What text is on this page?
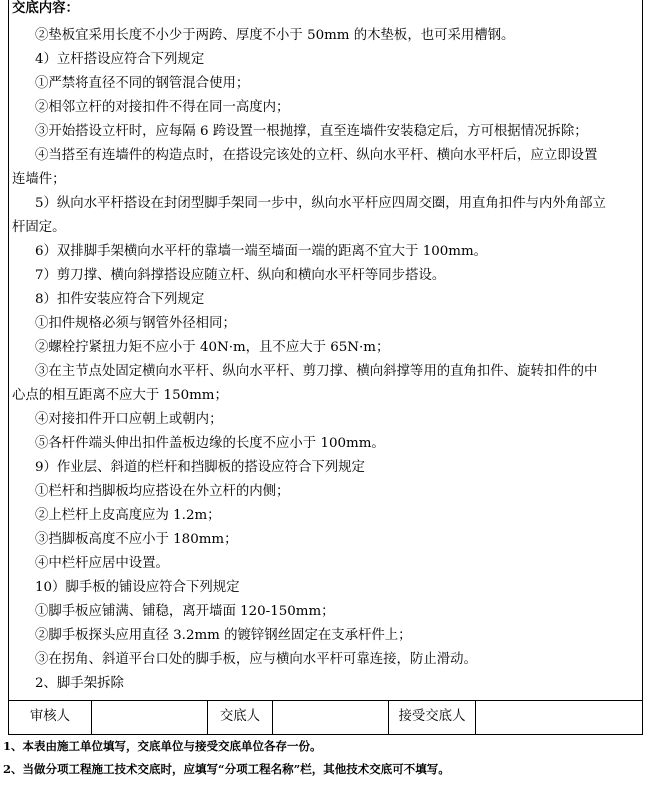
交底内容：
②垫板宜采用长度不小少于两跨、厚度不小于 50mm 的木垫板，也可采用槽钢。
4）立杆搭设应符合下列规定
①严禁将直径不同的钢管混合使用；
②相邻立杆的对接扣件不得在同一高度内；
③开始搭设立杆时，应每隔 6 跨设置一根抛撑，直至连墙件安装稳定后，方可根据情况拆除；
④当搭至有连墙件的构造点时，在搭设完该处的立杆、纵向水平杆、横向水平杆后，应立即设置
连墙件；
5）纵向水平杆搭设在封闭型脚手架同一步中，纵向水平杆应四周交圈，用直角扣件与内外角部立
杆固定。
6）双排脚手架横向水平杆的靠墙一端至墙面一端的距离不宜大于 100mm。
7）剪刀撑、横向斜撑搭设应随立杆、纵向和横向水平杆等同步搭设。
8）扣件安装应符合下列规定
①扣件规格必须与钢管外径相同；
②螺栓拧紧扭力矩不应小于 40N·m，且不应大于 65N·m；
③在主节点处固定横向水平杆、纵向水平杆、剪刀撑、横向斜撑等用的直角扣件、旋转扣件的中
心点的相互距离不应大于 150mm；
④对接扣件开口应朝上或朝内；
⑤各杆件端头伸出扣件盖板边缘的长度不应小于 100mm。
9）作业层、斜道的栏杆和挡脚板的搭设应符合下列规定
①栏杆和挡脚板均应搭设在外立杆的内侧；
②上栏杆上皮高度应为 1.2m；
③挡脚板高度不应小于 180mm；
④中栏杆应居中设置。
10）脚手板的铺设应符合下列规定
①脚手板应铺满、铺稳，离开墙面 120-150mm；
②脚手板探头应用直径 3.2mm 的镀锌钢丝固定在支承杆件上；
③在拐角、斜道平台口处的脚手板，应与横向水平杆可靠连接，防止滑动。
2、脚手架拆除
审核人	交底人	接受交底人
1、本表由施工单位填写，交底单位与接受交底单位各存一份。
2、当做分项工程施工技术交底时，应填写“分项工程名称”栏，其他技术交底可不填写。
